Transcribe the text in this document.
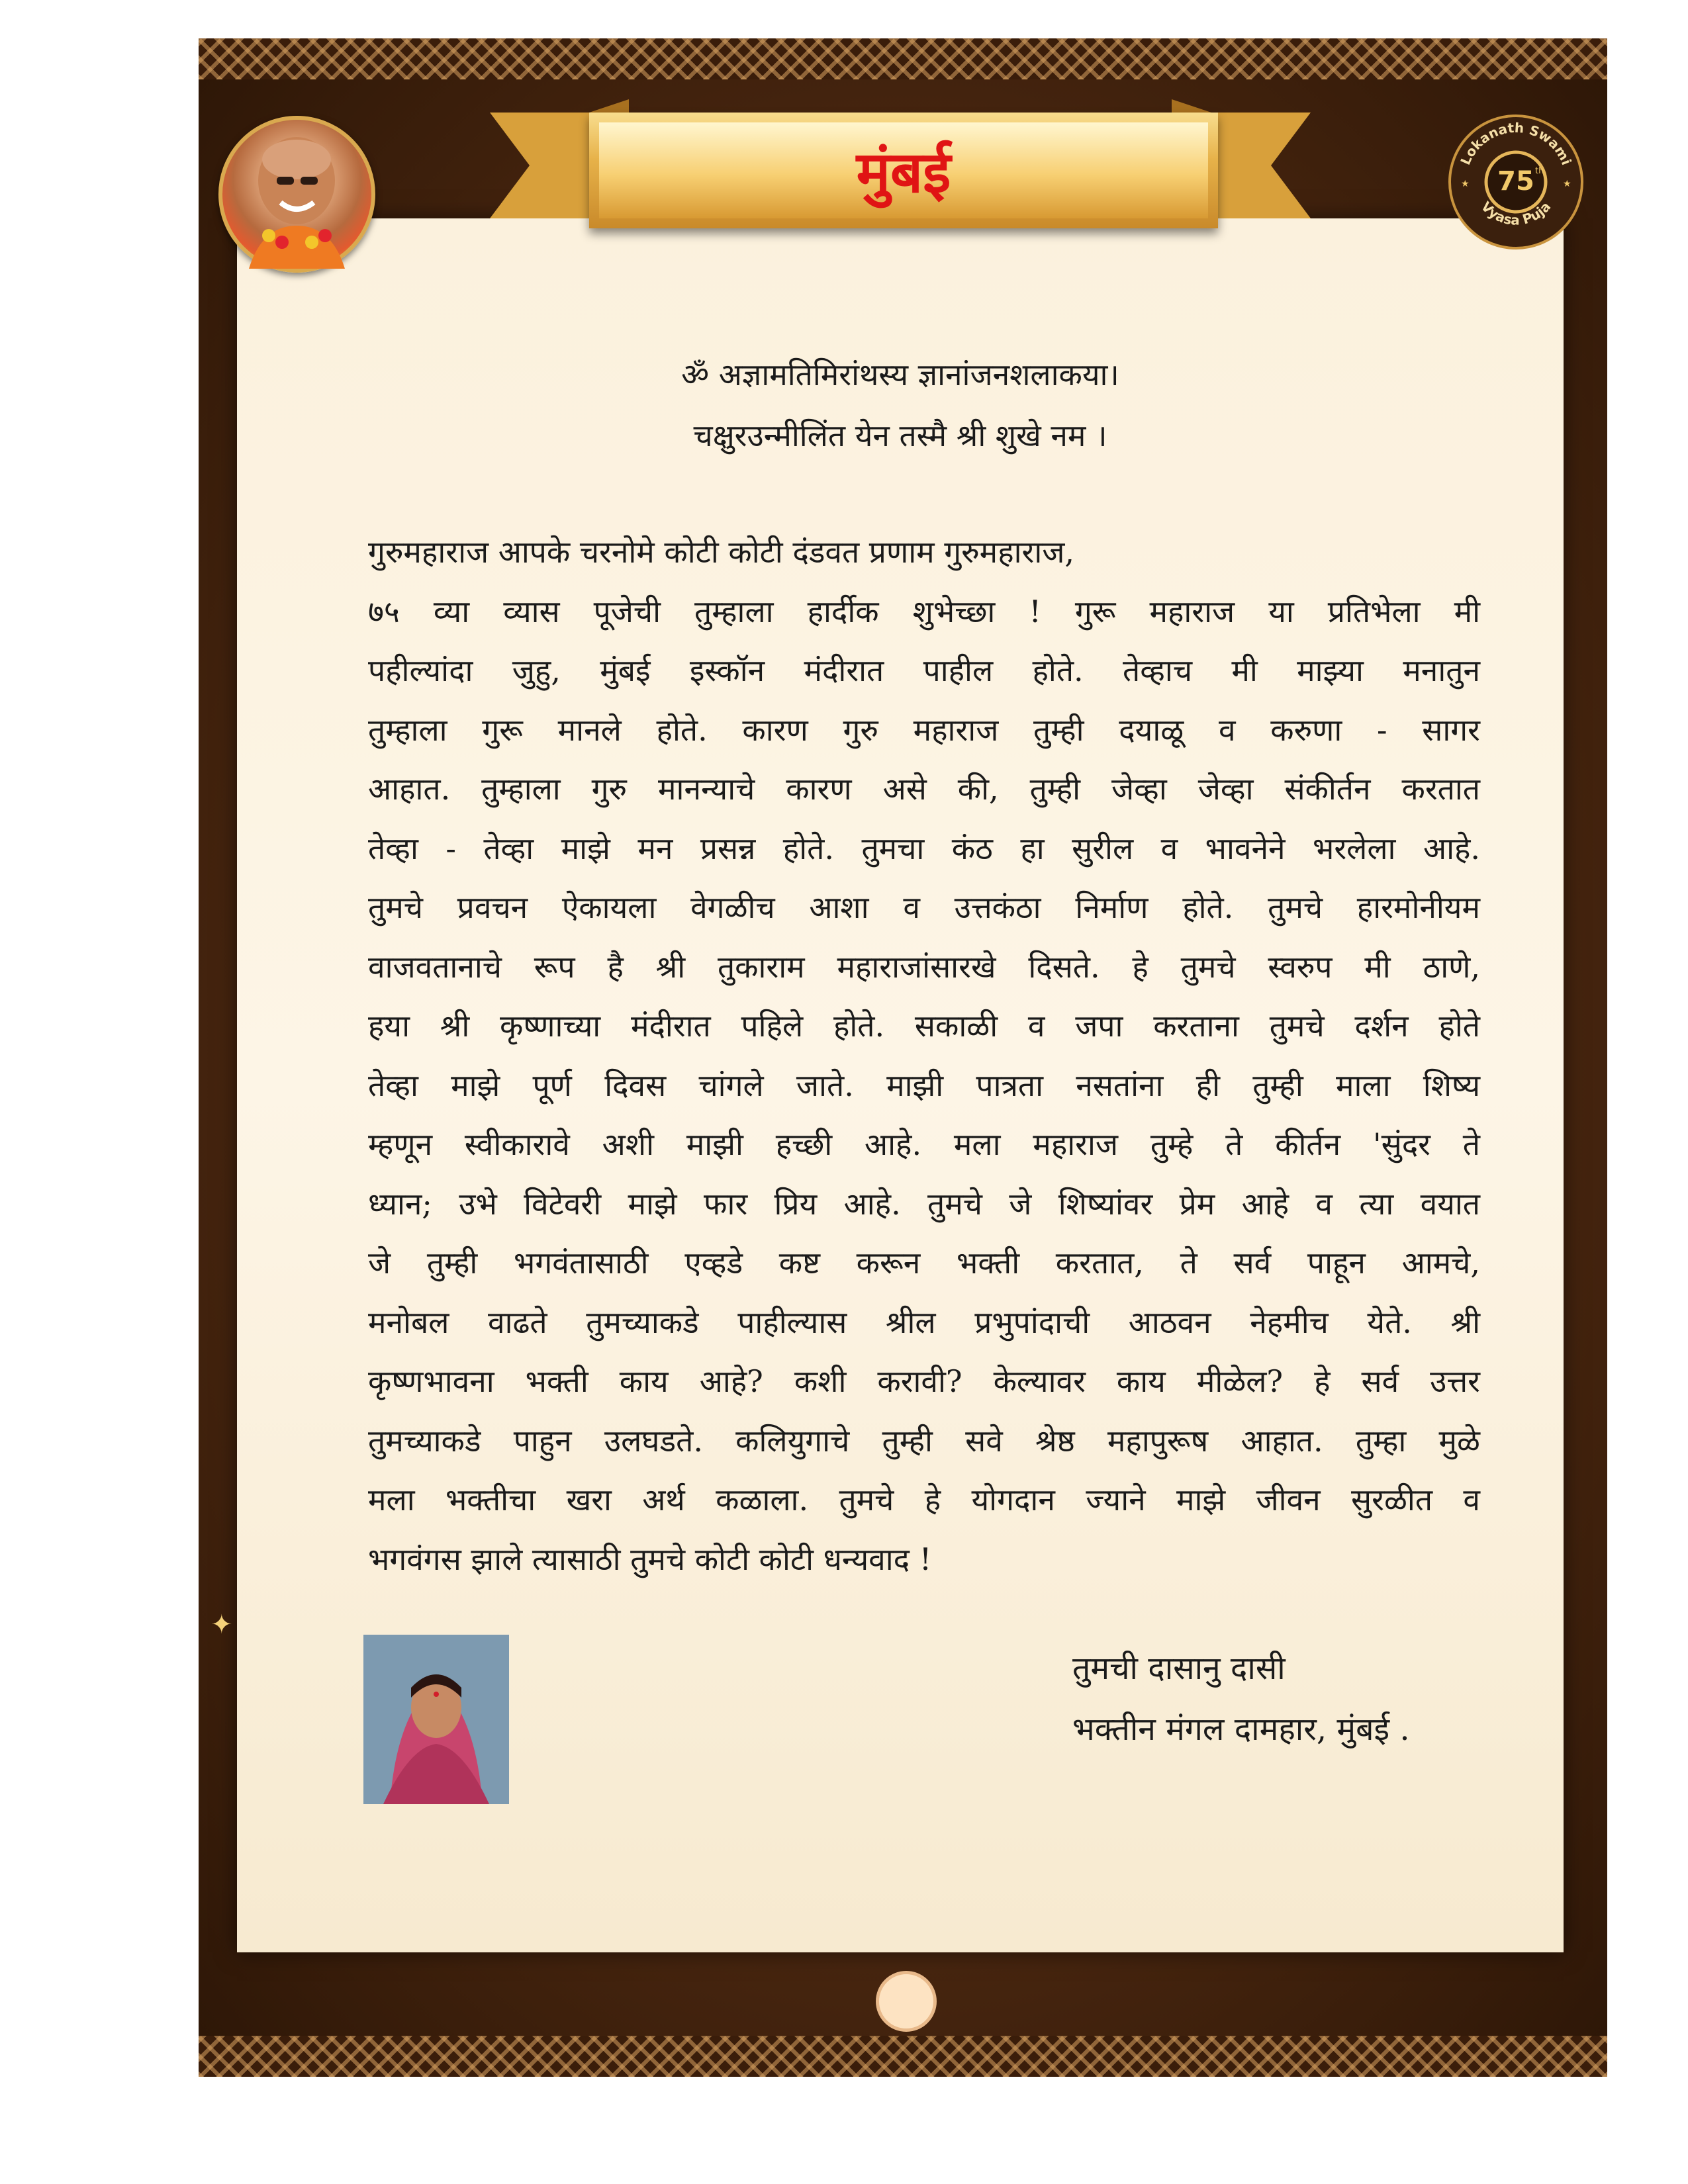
मुंबई	75 th
Lokanath Swami
Vyasa Puja
★	★
ॐ अज्ञामतिमिरांथस्य ज्ञानांजनशलाकया।
चक्षुरउन्मीलिंत येन तस्मै श्री शुखे नम ।
गुरुमहाराज आपके चरनोमे कोटी कोटी दंडवत प्रणाम गुरुमहाराज,
७५ व्या व्यास पूजेची तुम्हाला हार्दीक शुभेच्छा ! गुरू महाराज या प्रतिभेला मी
पहील्यांदा जुहु, मुंबई इस्कॉन मंदीरात पाहील होते. तेव्हाच मी माझ्या मनातुन
तुम्हाला गुरू मानले होते. कारण गुरु महाराज तुम्ही दयाळू व करुणा - सागर
आहात. तुम्हाला गुरु मानन्याचे कारण असे की, तुम्ही जेव्हा जेव्हा संकीर्तन करतात
तेव्हा - तेव्हा माझे मन प्रसन्न होते. तुमचा कंठ हा सुरील व भावनेने भरलेला आहे.
तुमचे प्रवचन ऐकायला वेगळीच आशा व उत्तकंठा निर्माण होते. तुमचे हारमोनीयम
वाजवतानाचे रूप है श्री तुकाराम महाराजांसारखे दिसते. हे तुमचे स्वरुप मी ठाणे,
हया श्री कृष्णाच्या मंदीरात पहिले होते. सकाळी व जपा करताना तुमचे दर्शन होते
तेव्हा माझे पूर्ण दिवस चांगले जाते. माझी पात्रता नसतांना ही तुम्ही माला शिष्य
म्हणून स्वीकारावे अशी माझी हच्छी आहे. मला महाराज तुम्हे ते कीर्तन 'सुंदर ते
ध्यान; उभे विटेवरी माझे फार प्रिय आहे. तुमचे जे शिष्यांवर प्रेम आहे व त्या वयात
जे तुम्ही भगवंतासाठी एव्हडे कष्ट करून भक्ती करतात, ते सर्व पाहून आमचे,
मनोबल वाढते तुमच्याकडे पाहील्यास श्रील प्रभुपांदाची आठवन नेहमीच येते. श्री
कृष्णभावना भक्ती काय आहे? कशी करावी? केल्यावर काय मीळेल? हे सर्व उत्तर
तुमच्याकडे पाहुन उलघडते. कलियुगाचे तुम्ही सवे श्रेष्ठ महापुरूष आहात. तुम्हा मुळे
मला भक्तीचा खरा अर्थ कळाला. तुमचे हे योगदान ज्याने माझे जीवन सुरळीत व
भगवंगस झाले त्यासाठी तुमचे कोटी कोटी धन्यवाद !
✦
तुमची दासानु दासी
भक्तीन मंगल दामहार, मुंबई .
